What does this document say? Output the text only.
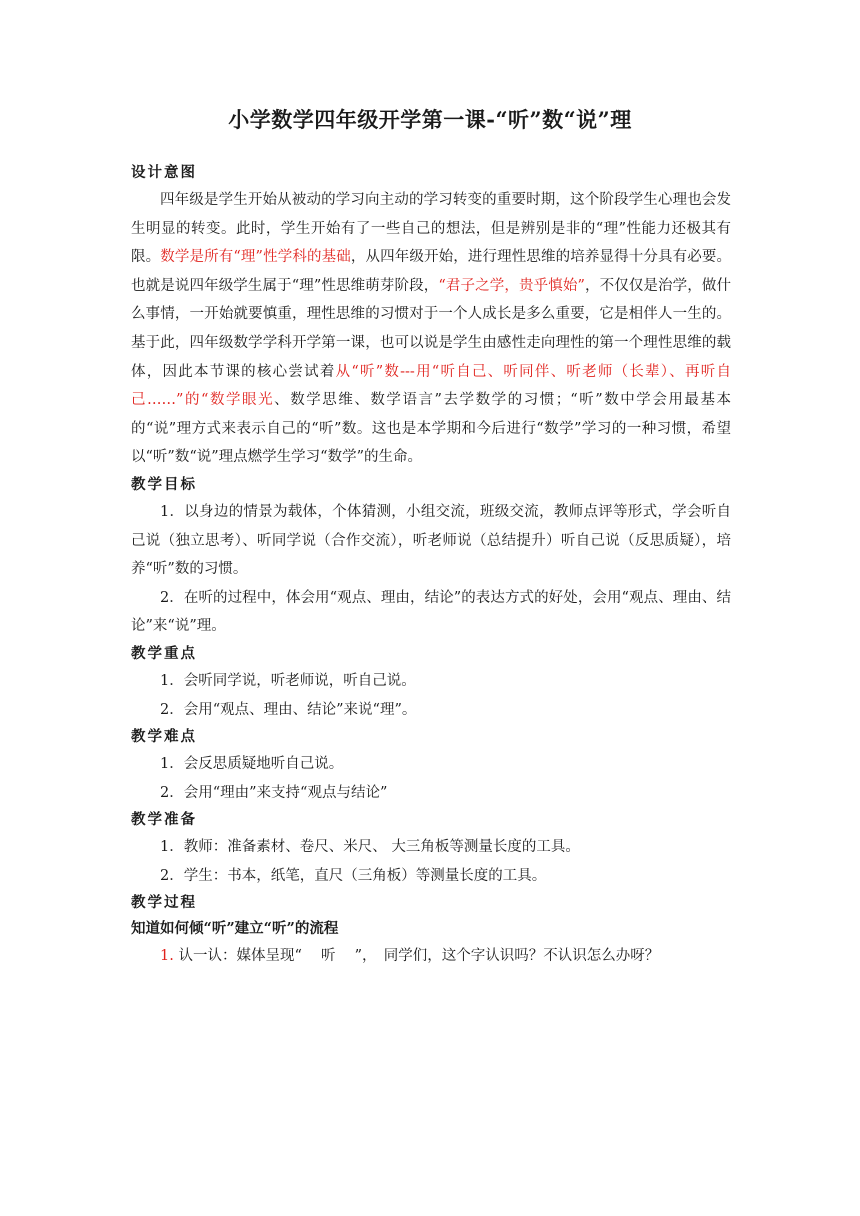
小学数学四年级开学第一课-“听”数“说”理

设计意图

四年级是学生开始从被动的学习向主动的学习转变的重要时期，这个阶段学生心理也会发生明显的转变。此时，学生开始有了一些自己的想法，但是辨别是非的“理”性能力还极其有限。数学是所有“理”性学科的基础，从四年级开始，进行理性思维的培养显得十分具有必要。也就是说四年级学生属于“理”性思维萌芽阶段，“君子之学，贵乎慎始”，不仅仅是治学，做什么事情，一开始就要慎重，理性思维的习惯对于一个人成长是多么重要，它是相伴人一生的。基于此，四年级数学学科开学第一课，也可以说是学生由感性走向理性的第一个理性思维的载体，因此本节课的核心尝试着从“听”数---用“听自己、听同伴、听老师（长辈）、再听自己……”的“数学眼光、数学思维、数学语言”去学数学的习惯；“听”数中学会用最基本的“说”理方式来表示自己的“听”数。这也是本学期和今后进行“数学”学习的一种习惯，希望以“听”数“说”理点燃学生学习“数学”的生命。

教学目标

1．以身边的情景为载体，个体猜测，小组交流，班级交流，教师点评等形式，学会听自己说（独立思考）、听同学说（合作交流），听老师说（总结提升）听自己说（反思质疑），培养“听”数的习惯。

2．在听的过程中，体会用“观点、理由，结论”的表达方式的好处，会用“观点、理由、结论”来“说”理。

教学重点

1．会听同学说，听老师说，听自己说。

2．会用“观点、理由、结论”来说“理”。

教学难点

1．会反思质疑地听自己说。

2．会用“理由”来支持“观点与结论”

教学准备

1．教师：准备素材、卷尺、米尺、 大三角板等测量长度的工具。

2．学生：书本，纸笔，直尺（三角板）等测量长度的工具。

教学过程

知道如何倾“听”建立“听”的流程

1. 认一认：媒体呈现“　 听　 ”，　同学们，这个字认识吗？不认识怎么办呀？
